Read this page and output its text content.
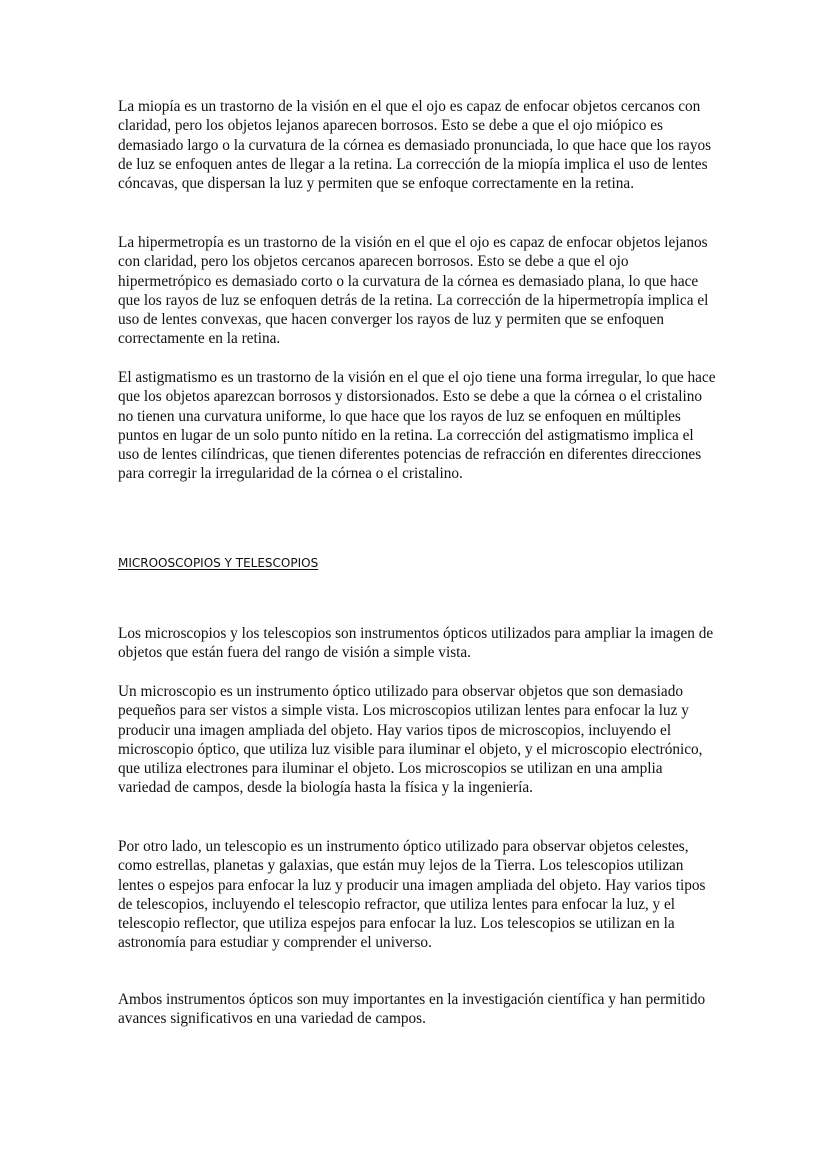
La miopía es un trastorno de la visión en el que el ojo es capaz de enfocar objetos cercanos con claridad, pero los objetos lejanos aparecen borrosos. Esto se debe a que el ojo miópico es demasiado largo o la curvatura de la córnea es demasiado pronunciada, lo que hace que los rayos de luz se enfoquen antes de llegar a la retina. La corrección de la miopía implica el uso de lentes cóncavas, que dispersan la luz y permiten que se enfoque correctamente en la retina.

La hipermetropía es un trastorno de la visión en el que el ojo es capaz de enfocar objetos lejanos con claridad, pero los objetos cercanos aparecen borrosos. Esto se debe a que el ojo hipermetrópico es demasiado corto o la curvatura de la córnea es demasiado plana, lo que hace que los rayos de luz se enfoquen detrás de la retina. La corrección de la hipermetropía implica el uso de lentes convexas, que hacen converger los rayos de luz y permiten que se enfoquen correctamente en la retina.

El astigmatismo es un trastorno de la visión en el que el ojo tiene una forma irregular, lo que hace que los objetos aparezcan borrosos y distorsionados. Esto se debe a que la córnea o el cristalino no tienen una curvatura uniforme, lo que hace que los rayos de luz se enfoquen en múltiples puntos en lugar de un solo punto nítido en la retina. La corrección del astigmatismo implica el uso de lentes cilíndricas, que tienen diferentes potencias de refracción en diferentes direcciones para corregir la irregularidad de la córnea o el cristalino.

MICROOSCOPIOS Y TELESCOPIOS

Los microscopios y los telescopios son instrumentos ópticos utilizados para ampliar la imagen de objetos que están fuera del rango de visión a simple vista.

Un microscopio es un instrumento óptico utilizado para observar objetos que son demasiado pequeños para ser vistos a simple vista. Los microscopios utilizan lentes para enfocar la luz y producir una imagen ampliada del objeto. Hay varios tipos de microscopios, incluyendo el microscopio óptico, que utiliza luz visible para iluminar el objeto, y el microscopio electrónico, que utiliza electrones para iluminar el objeto. Los microscopios se utilizan en una amplia variedad de campos, desde la biología hasta la física y la ingeniería.

Por otro lado, un telescopio es un instrumento óptico utilizado para observar objetos celestes, como estrellas, planetas y galaxias, que están muy lejos de la Tierra. Los telescopios utilizan lentes o espejos para enfocar la luz y producir una imagen ampliada del objeto. Hay varios tipos de telescopios, incluyendo el telescopio refractor, que utiliza lentes para enfocar la luz, y el telescopio reflector, que utiliza espejos para enfocar la luz. Los telescopios se utilizan en la astronomía para estudiar y comprender el universo.

Ambos instrumentos ópticos son muy importantes en la investigación científica y han permitido avances significativos en una variedad de campos.
